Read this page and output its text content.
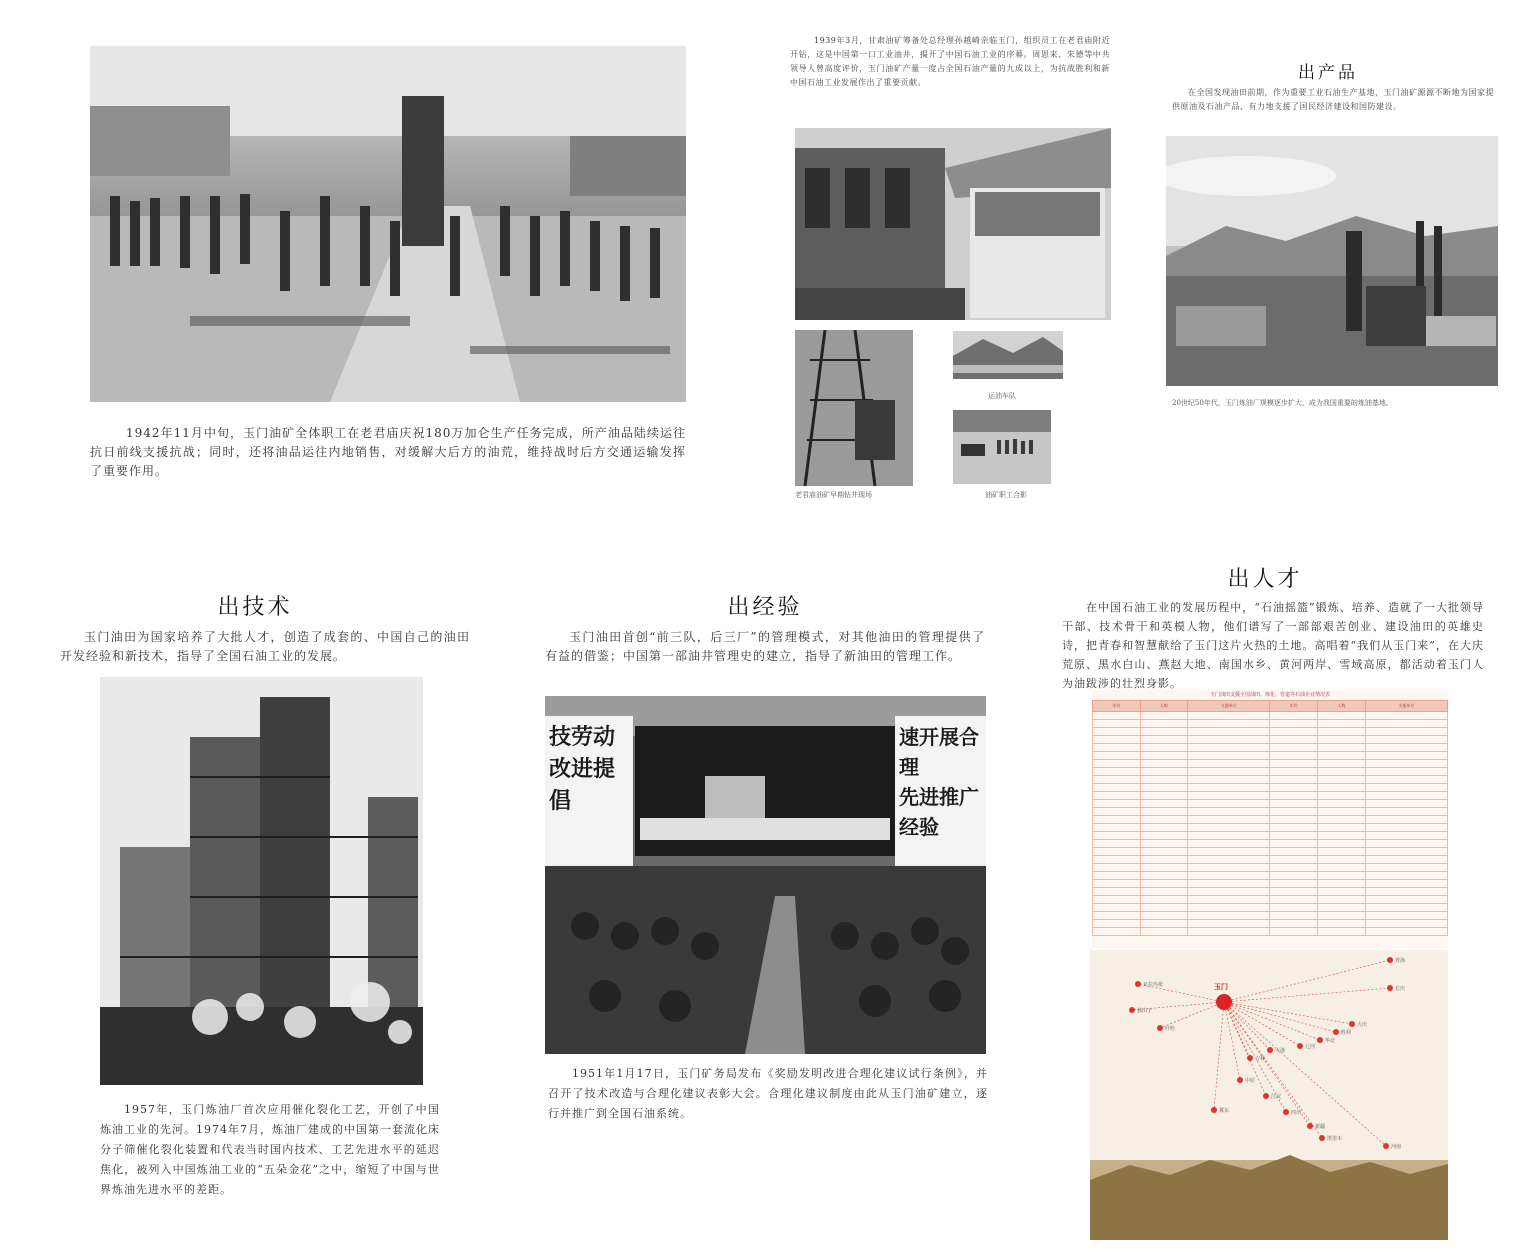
1942年11月中旬，玉门油矿全体职工在老君庙庆祝180万加仑生产任务完成，所产油品陆续运往抗日前线支援抗战；同时，还将油品运往内地销售，对缓解大后方的油荒，维持战时后方交通运输发挥了重要作用。
1939年3月，甘肃油矿筹备处总经理孙越崎亲临玉门，组织员工在老君庙附近开钻，这是中国第一口工业油井，揭开了中国石油工业的序幕。周恩来、朱德等中共领导人曾高度评价，玉门油矿产量一度占全国石油产量的九成以上，为抗战胜利和新中国石油工业发展作出了重要贡献。
老君庙油矿早期钻井现场
运油车队
油矿职工合影
出产品
在全国发现油田前期，作为重要工业石油生产基地，玉门油矿源源不断地为国家提供原油及石油产品，有力地支援了国民经济建设和国防建设。
20世纪50年代，玉门炼油厂规模逐步扩大，成为我国重要的炼油基地。
出技术
玉门油田为国家培养了大批人才，创造了成套的、中国自己的油田开发经验和新技术，指导了全国石油工业的发展。
1957年，玉门炼油厂首次应用催化裂化工艺，开创了中国炼油工业的先河。1974年7月，炼油厂建成的中国第一套流化床分子筛催化裂化装置和代表当时国内技术、工艺先进水平的延迟焦化，被列入中国炼油工业的“五朵金花”之中，缩短了中国与世界炼油先进水平的差距。
出经验
玉门油田首创“前三队，后三厂”的管理模式，对其他油田的管理提供了有益的借鉴；中国第一部油井管理史的建立，指导了新油田的管理工作。
技劳动
改进提倡
速开展合理
先进推广经验
1951年1月17日，玉门矿务局发布《奖励发明改进合理化建议试行条例》，并召开了技术改造与合理化建议表彰大会。合理化建议制度由此从玉门油矿建立，逐行并推广到全国石油系统。
出人才
在中国石油工业的发展历程中，“石油摇篮”锻炼、培养、造就了一大批领导干部、技术骨干和英模人物，他们谱写了一部部艰苦创业、建设油田的英雄史诗，把青春和智慧献给了玉门这片火热的土地。高唱着“我们从玉门来”，在大庆荒原、黑水白山、燕赵大地、南国水乡、黄河两岸、雪域高原，都活动着玉门人为油跋涉的壮烈身影。
玉门油田支援全国油田、炼化、管道等石油企业情况表
年份	人数	支援单位	年份	人数	支援单位

玉门
克拉玛依
独山子
吐哈
青海
长庆
大庆
胜利
华北
辽河
大港
吉林
中原
江汉
四川
新疆
塔里木
河南
冀东
